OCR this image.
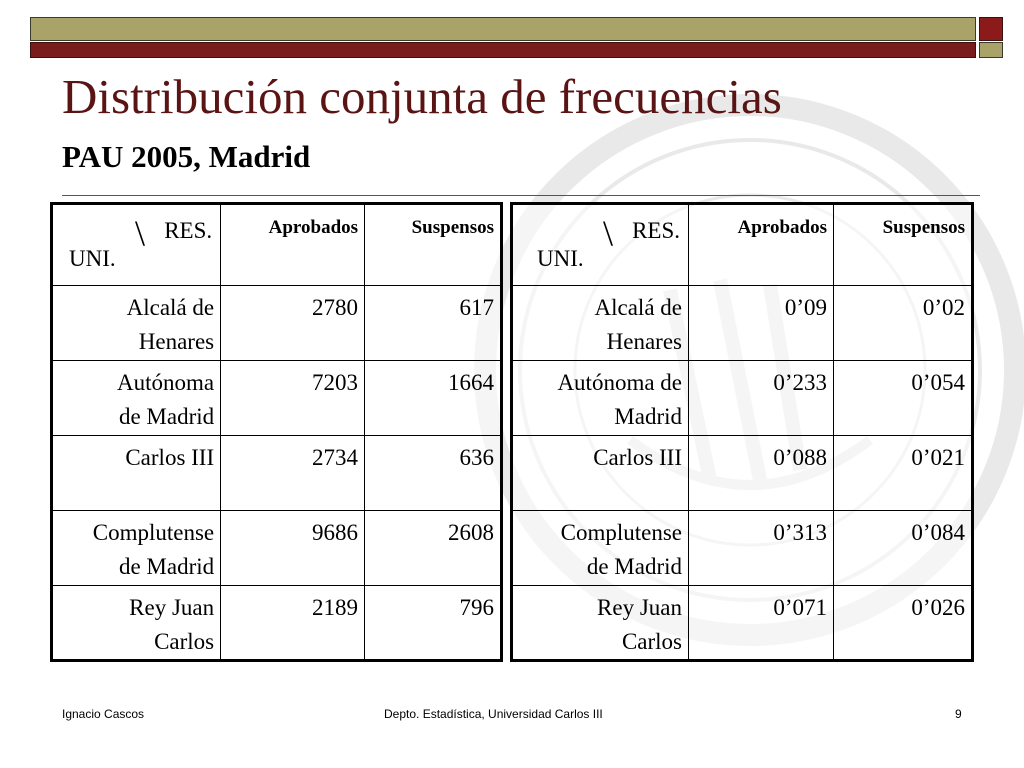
Distribución conjunta de frecuencias
PAU 2005, Madrid
\ RES.
UNI.	Aprobados	Suspensos

Alcalá de
Henares	2780	617

Autónoma
de Madrid	7203	1664

Carlos III	2734	636

Complutense
de Madrid	9686	2608

Rey Juan
Carlos	2189	796
\ RES.
UNI.	Aprobados	Suspensos

Alcalá de
Henares	0’09	0’02

Autónoma de
Madrid	0’233	0’054

Carlos III	0’088	0’021

Complutense
de Madrid	0’313	0’084

Rey Juan
Carlos	0’071	0’026
Ignacio Cascos	Depto. Estadística, Universidad Carlos III	9
